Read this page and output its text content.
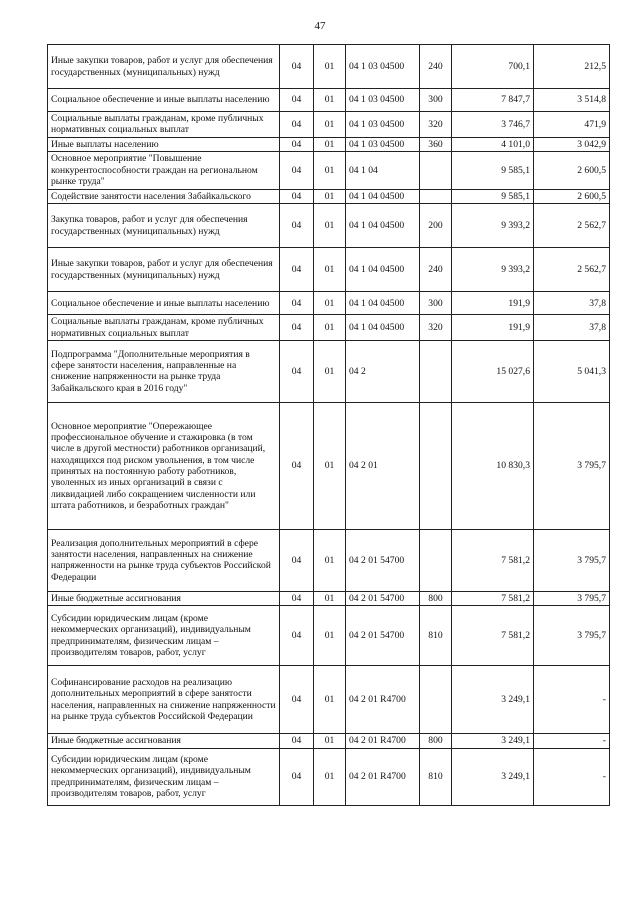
47
Иные закупки товаров, работ и услуг для обеспечения государственных (муниципальных) нужд	04	01	04 1 03 04500	240	700,1	212,5
Социальное обеспечение и иные выплаты населению	04	01	04 1 03 04500	300	7 847,7	3 514,8
Социальные выплаты гражданам, кроме публичных нормативных социальных выплат	04	01	04 1 03 04500	320	3 746,7	471,9
Иные выплаты населению	04	01	04 1 03 04500	360	4 101,0	3 042,9
Основное мероприятие "Повышение конкурентоспособности граждан на региональном рынке труда"	04	01	04 1 04		9 585,1	2 600,5
Содействие занятости населения Забайкальского	04	01	04 1 04 04500		9 585,1	2 600,5
Закупка товаров, работ и услуг для обеспечения государственных (муниципальных) нужд	04	01	04 1 04 04500	200	9 393,2	2 562,7
Иные закупки товаров, работ и услуг для обеспечения государственных (муниципальных) нужд	04	01	04 1 04 04500	240	9 393,2	2 562,7
Социальное обеспечение и иные выплаты населению	04	01	04 1 04 04500	300	191,9	37,8
Социальные выплаты гражданам, кроме публичных нормативных социальных выплат	04	01	04 1 04 04500	320	191,9	37,8
Подпрограмма "Дополнительные мероприятия в сфере занятости населения, направленные на снижение напряженности на рынке труда Забайкальского края в 2016 году"	04	01	04 2		15 027,6	5 041,3
Основное мероприятие "Опережающее профессиональное обучение и стажировка (в том числе в другой местности) работников организаций, находящихся под риском увольнения, в том числе принятых на постоянную работу работников, уволенных из иных организаций в связи с ликвидацией либо сокращением численности или штата работников, и безработных граждан"	04	01	04 2 01		10 830,3	3 795,7
Реализация дополнительных мероприятий в сфере занятости населения, направленных на снижение напряженности на рынке труда субъектов Российской Федерации	04	01	04 2 01 54700		7 581,2	3 795,7
Иные бюджетные ассигнования	04	01	04 2 01 54700	800	7 581,2	3 795,7
Субсидии юридическим лицам (кроме некоммерческих организаций), индивидуальным предпринимателям, физическим лицам – производителям товаров, работ, услуг	04	01	04 2 01 54700	810	7 581,2	3 795,7
Софинансирование расходов на реализацию дополнительных мероприятий в сфере занятости населения, направленных на снижение напряженности на рынке труда субъектов Российской Федерации	04	01	04 2 01 R4700		3 249,1	-
Иные бюджетные ассигнования	04	01	04 2 01 R4700	800	3 249,1	-
Субсидии юридическим лицам (кроме некоммерческих организаций), индивидуальным предпринимателям, физическим лицам – производителям товаров, работ, услуг	04	01	04 2 01 R4700	810	3 249,1	-
